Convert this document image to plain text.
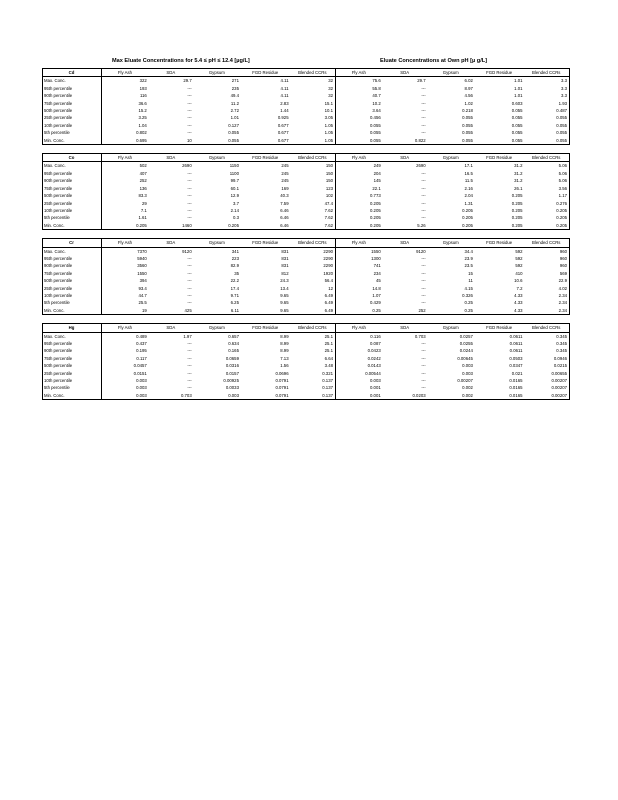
Max Eluate Concentrations for 5.4 ≤ pH ≤ 12.4 [µg/L]	Eluate Concentrations at Own pH [µ g/L]
Cd	Fly Ash	SDA	Gypsum	FGD Residue	Blended CCRs	Fly Ash	SDA	Gypsum	FGD Residue	Blended CCRs
Max. Conc.	322	29.7	271	4.11	32	75.6	29.7	6.02	1.01	3.3
95th percentile	193	---	235	4.11	32	55.8	---	8.97	1.01	3.3
90th percentile	116	---	49.4	4.11	32	40.7	---	4.56	1.01	3.3
75th percentile	36.6	---	11.2	2.83	15.1	10.2	---	1.02	0.603	1.93
50th percentile	15.2	---	2.72	1.44	10.1	3.64	---	0.218	0.055	0.487
25th percentile	3.25	---	1.01	0.925	3.05	0.456	---	0.055	0.055	0.055
10th percentile	1.04	---	0.127	0.677	1.05	0.055	---	0.055	0.055	0.055
5th percentile	0.802	---	0.055	0.677	1.05	0.055	---	0.055	0.055	0.055
Min. Conc.	0.695	10	0.055	0.677	1.05	0.055	0.822	0.055	0.055	0.055
Co	Fly Ash	SDA	Gypsum	FGD Residue	Blended CCRs	Fly Ash	SDA	Gypsum	FGD Residue	Blended CCRs
Max. Conc.	502	2690	1150	245	150	249	2690	17.1	31.2	5.06
95th percentile	407	---	1100	245	150	204	---	16.5	31.2	5.06
90th percentile	252	---	99.7	245	150	145	---	11.5	31.2	5.06
75th percentile	136	---	60.1	169	123	22.1	---	2.16	26.1	3.56
50th percentile	83.3	---	12.9	40.3	102	0.773	---	2.04	0.205	1.17
25th percentile	29	---	3.7	7.59	47.4	0.205	---	1.31	0.205	0.276
10th percentile	7.1	---	2.14	6.46	7.62	0.205	---	0.205	0.205	0.205
5th percentile	1.61	---	0.3	6.46	7.62	0.205	---	0.205	0.205	0.205
Min. Conc.	0.205	1460	0.205	6.46	7.62	0.205	5.26	0.205	0.205	0.205
Cr	Fly Ash	SDA	Gypsum	FGD Residue	Blended CCRs	Fly Ash	SDA	Gypsum	FGD Residue	Blended CCRs
Max. Conc.	7370	9120	341	831	2290	1550	9120	34.4	592	960
95th percentile	5940	---	223	831	2290	1300	---	23.9	592	960
90th percentile	3560	---	82.9	831	2290	741	---	23.5	592	960
75th percentile	1550	---	35	812	1920	234	---	15	410	569
50th percentile	394	---	22.2	24.3	56.4	45	---	11	10.6	22.9
25th percentile	93.4	---	17.4	13.4	12	14.8	---	4.15	7.2	4.02
10th percentile	44.7	---	9.71	9.65	6.49	1.07	---	0.326	4.33	2.34
5th percentile	25.5	---	6.25	9.65	6.49	0.429	---	0.25	4.33	2.34
Min. Conc.	19	425	6.11	9.65	6.49	0.25	252	0.25	4.33	2.34
Hg	Fly Ash	SDA	Gypsum	FGD Residue	Blended CCRs	Fly Ash	SDA	Gypsum	FGD Residue	Blended CCRs
Max. Conc.	0.489	1.97	0.657	8.99	25.1	0.116	0.703	0.0257	0.0611	0.345
95th percentile	0.437	---	0.634	8.99	25.1	0.087	---	0.0255	0.0611	0.345
90th percentile	0.195	---	0.165	8.99	25.1	0.0423	---	0.0244	0.0611	0.345
75th percentile	0.117	---	0.0659	7.13	6.64	0.0242	---	0.00645	0.0503	0.0946
50th percentile	0.0457	---	0.0316	1.56	3.48	0.0143	---	0.003	0.0347	0.0215
25th percentile	0.0151	---	0.0157	0.0696	0.321	0.00544	---	0.003	0.021	0.00655
10th percentile	0.003	---	0.00925	0.0791	0.137	0.003	---	0.00207	0.0165	0.00207
5th percentile	0.003	---	0.0033	0.0791	0.137	0.001	---	0.002	0.0165	0.00207
Min. Conc.	0.003	0.703	0.003	0.0791	0.137	0.001	0.0203	0.002	0.0165	0.00207
